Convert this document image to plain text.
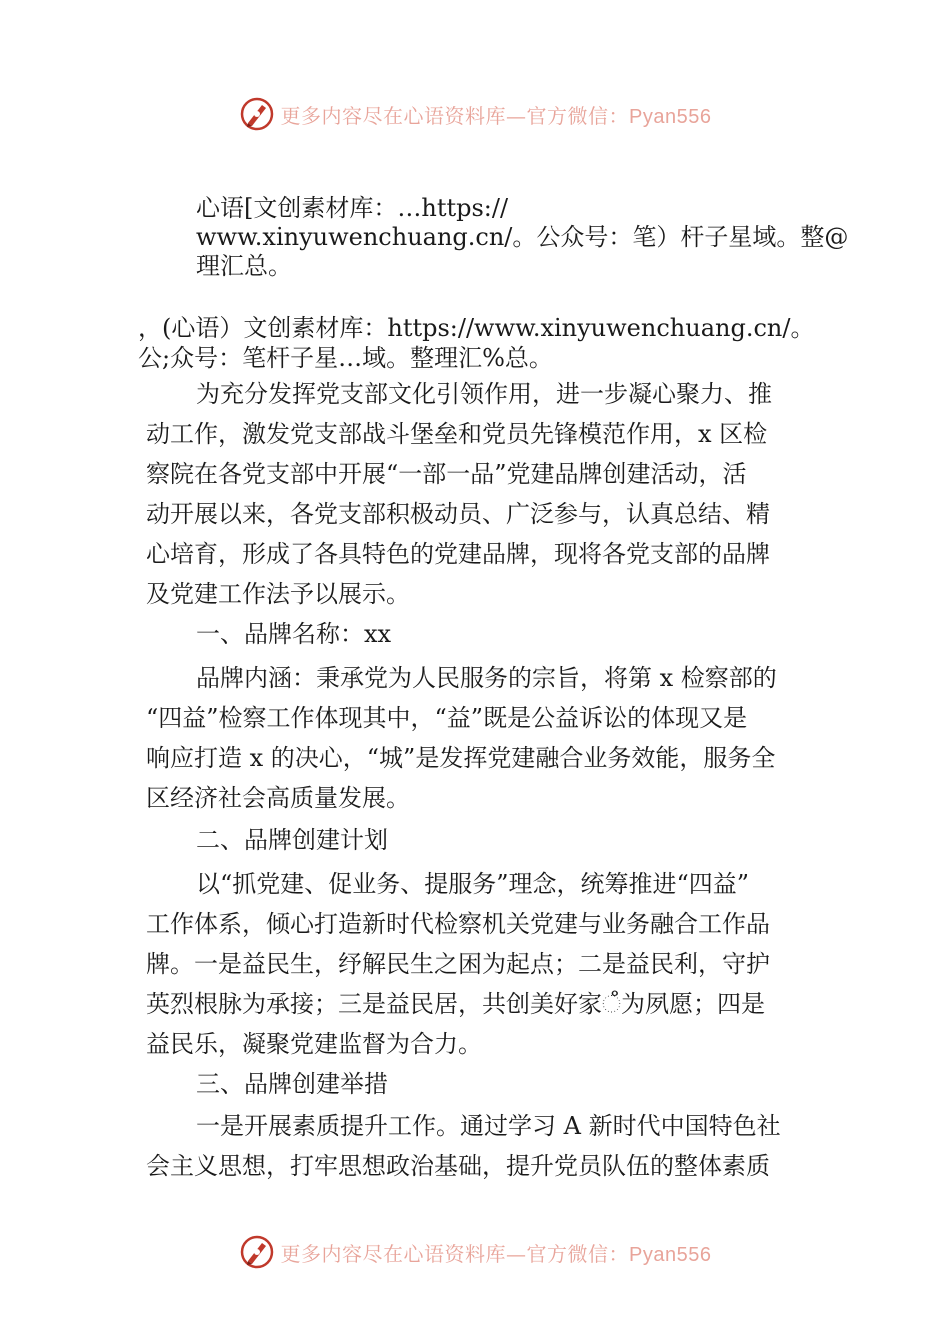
更多内容尽在心语资料库—官方微信：Pyan556
心语[文创素材库：…https://
www.xinyuwenchuang.cn/。公众号：笔）杆子星域。整@
理汇总。
，(心语）文创素材库：https://www.xinyuwenchuang.cn/。
公;众号：笔杆子星…域。整理汇%总。
为充分发挥党支部文化引领作用，进一步凝心聚力、推
动工作，激发党支部战斗堡垒和党员先锋模范作用，x 区检
察院在各党支部中开展“一部一品”党建品牌创建活动，活
动开展以来，各党支部积极动员、广泛参与，认真总结、精
心培育，形成了各具特色的党建品牌，现将各党支部的品牌
及党建工作法予以展示。
一、品牌名称：xx
品牌内涵：秉承党为人民服务的宗旨，将第 x 检察部的
“四益”检察工作体现其中，“益”既是公益诉讼的体现又是
响应打造 x 的决心，“城”是发挥党建融合业务效能，服务全
区经济社会高质量发展。
二、品牌创建计划
以“抓党建、促业务、提服务”理念，统筹推进“四益”
工作体系，倾心打造新时代检察机关党建与业务融合工作品
牌。一是益民生，纾解民生之困为起点；二是益民利，守护
英烈根脉为承接；三是益民居，共创美好家૾为夙愿；四是
益民乐，凝聚党建监督为合力。
三、品牌创建举措
一是开展素质提升工作。通过学习 A 新时代中国特色社
会主义思想，打牢思想政治基础，提升党员队伍的整体素质
更多内容尽在心语资料库—官方微信：Pyan556
